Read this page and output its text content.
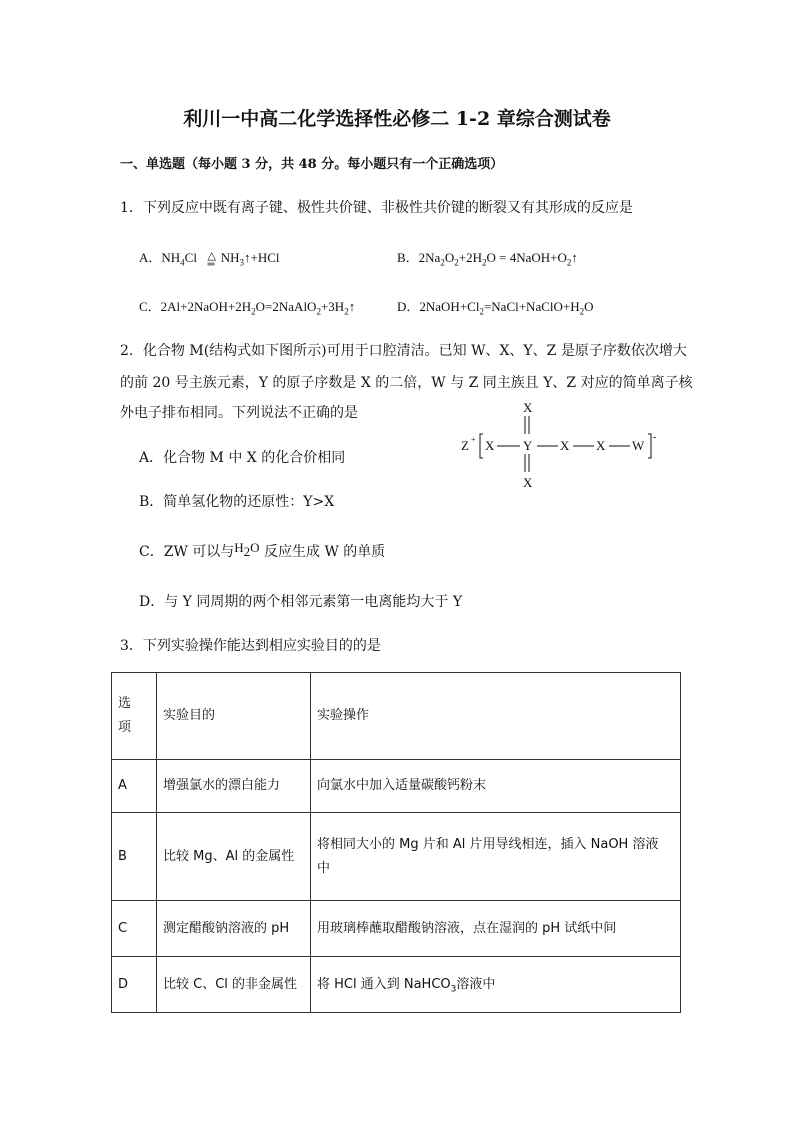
利川一中高二化学选择性必修二 1-2 章综合测试卷
一、单选题（每小题 3 分，共 48 分。每小题只有一个正确选项）
1．下列反应中既有离子键、极性共价键、非极性共价键的断裂又有其形成的反应是
A．$NH_4Cl$ △
═ $NH_3↑+HCl$	B．$2Na_2O_2+2H_2O$ = $4NaOH+O_2↑$
C．$2Al+2NaOH+2H_2O=2NaAlO_2+3H_2↑$	D．$2NaOH+Cl_2=NaCl+NaClO+H_2O$
2．化合物 M(结构式如下图所示)可用于口腔清洁。已知 W、X、Y、Z 是原子序数依次增大
的前 20 号主族元素，Y 的原子序数是 X 的二倍，W 与 Z 同主族且 Y、Z 对应的简单离子核
外电子排布相同。下列说法不正确的是
Z + X Y
X
X
X X W
-
A．化合物 M 中 X 的化合价相同
B．简单氢化物的还原性：Y>X
C．ZW 可以与$H_2O$ 反应生成 W 的单质
D．与 Y 同周期的两个相邻元素第一电离能均大于 Y
3．下列实验操作能达到相应实验目的的是
选
项	实验目的	实验操作
A	增强氯水的漂白能力	向氯水中加入适量碳酸钙粉末
B	比较 Mg、Al 的金属性	将相同大小的 Mg 片和 Al 片用导线相连，插入 NaOH 溶液
中
C	测定醋酸钠溶液的 pH	用玻璃棒蘸取醋酸钠溶液，点在湿润的 pH 试纸中间
D	比较 C、Cl 的非金属性	将 HCl 通入到 NaHCO$_3$溶液中
